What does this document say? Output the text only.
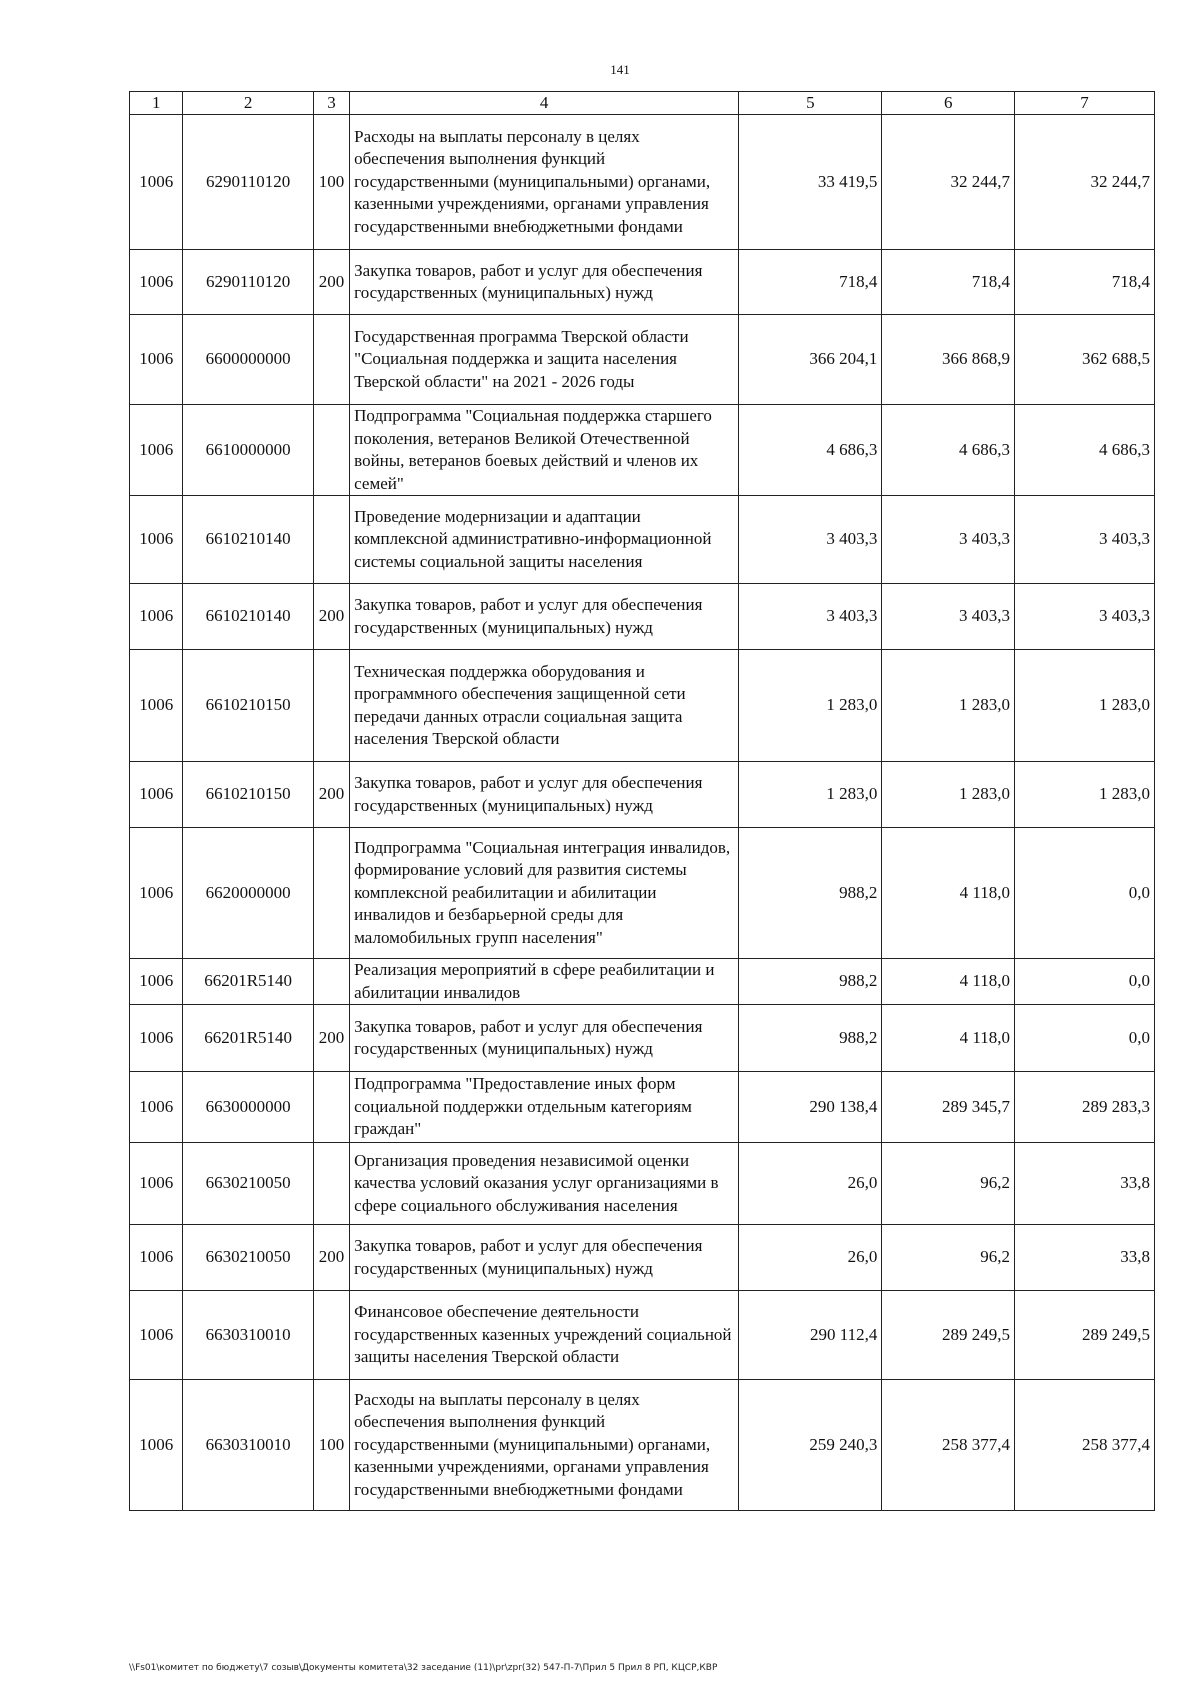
141
1	2	3	4	5	6	7
1006	6290110120	100	Расходы на выплаты персоналу в целях обеспечения выполнения функций государственными (муниципальными) органами, казенными учреждениями, органами управления государственными внебюджетными фондами	33 419,5	32 244,7	32 244,7
1006	6290110120	200	Закупка товаров, работ и услуг для обеспечения государственных (муниципальных) нужд	718,4	718,4	718,4
1006	6600000000		Государственная программа Тверской области "Социальная поддержка и защита населения Тверской области" на 2021 - 2026 годы	366 204,1	366 868,9	362 688,5
1006	6610000000		Подпрограмма "Социальная поддержка старшего поколения, ветеранов Великой Отечественной войны, ветеранов боевых действий и членов их семей"	4 686,3	4 686,3	4 686,3
1006	6610210140		Проведение модернизации и адаптации комплексной административно-информационной системы социальной защиты населения	3 403,3	3 403,3	3 403,3
1006	6610210140	200	Закупка товаров, работ и услуг для обеспечения государственных (муниципальных) нужд	3 403,3	3 403,3	3 403,3
1006	6610210150		Техническая поддержка оборудования и программного обеспечения защищенной сети передачи данных отрасли социальная защита населения Тверской области	1 283,0	1 283,0	1 283,0
1006	6610210150	200	Закупка товаров, работ и услуг для обеспечения государственных (муниципальных) нужд	1 283,0	1 283,0	1 283,0
1006	6620000000		Подпрограмма "Социальная интеграция инвалидов, формирование условий для развития системы комплексной реабилитации и абилитации инвалидов и безбарьерной среды для маломобильных групп населения"	988,2	4 118,0	0,0
1006	66201R5140		Реализация мероприятий в сфере реабилитации и абилитации инвалидов	988,2	4 118,0	0,0
1006	66201R5140	200	Закупка товаров, работ и услуг для обеспечения государственных (муниципальных) нужд	988,2	4 118,0	0,0
1006	6630000000		Подпрограмма "Предоставление иных форм социальной поддержки отдельным категориям граждан"	290 138,4	289 345,7	289 283,3
1006	6630210050		Организация проведения независимой оценки качества условий оказания услуг организациями в сфере социального обслуживания населения	26,0	96,2	33,8
1006	6630210050	200	Закупка товаров, работ и услуг для обеспечения государственных (муниципальных) нужд	26,0	96,2	33,8
1006	6630310010		Финансовое обеспечение деятельности государственных казенных учреждений социальной защиты населения Тверской области	290 112,4	289 249,5	289 249,5
1006	6630310010	100	Расходы на выплаты персоналу в целях обеспечения выполнения функций государственными (муниципальными) органами, казенными учреждениями, органами управления государственными внебюджетными фондами	259 240,3	258 377,4	258 377,4
\\Fs01\комитет по бюджету\7 созыв\Документы комитета\32 заседание (11)\pr\zpr(32) 547-П-7\Прил 5 Прил 8 РП, КЦСР,КВР
